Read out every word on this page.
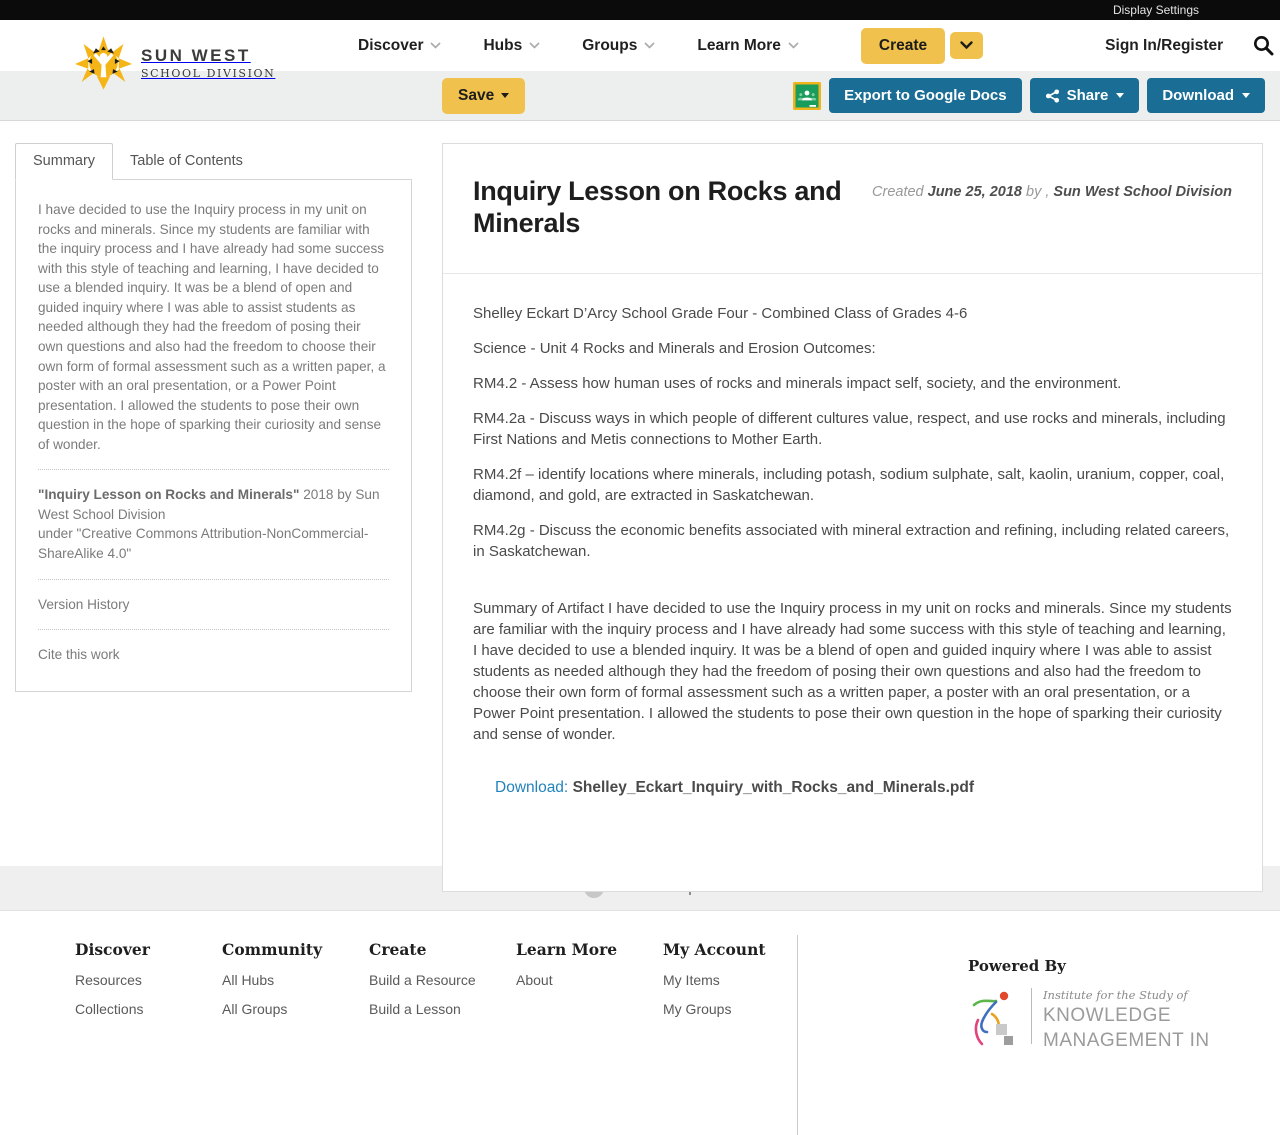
Display Settings
SUN WEST
SCHOOL DIVISION
Discover	Hubs	Groups	Learn More	Create	Sign In/Register
Save	Export to Google Docs	Share	Download
Summary	Table of Contents

I have decided to use the Inquiry process in my unit on rocks and minerals. Since my students are familiar with the inquiry process and I have already had some success with this style of teaching and learning, I have decided to use a blended inquiry. It was be a blend of open and guided inquiry where I was able to assist students as needed although they had the freedom of posing their own questions and also had the freedom to choose their own form of formal assessment such as a written paper, a poster with an oral presentation, or a Power Point presentation. I allowed the students to pose their own question in the hope of sparking their curiosity and sense of wonder.

"Inquiry Lesson on Rocks and Minerals" 2018 by Sun West School Division
under "Creative Commons Attribution-NonCommercial-ShareAlike 4.0"

Version History
Cite this work
Inquiry Lesson on Rocks and Minerals
Created June 25, 2018 by , Sun West School Division

Shelley Eckart D’Arcy School Grade Four - Combined Class of Grades 4-6

Science - Unit 4 Rocks and Minerals and Erosion Outcomes:

RM4.2 - Assess how human uses of rocks and minerals impact self, society, and the environment.

RM4.2a - Discuss ways in which people of different cultures value, respect, and use rocks and minerals, including First Nations and Metis connections to Mother Earth.

RM4.2f – identify locations where minerals, including potash, sodium sulphate, salt, kaolin, uranium, copper, coal, diamond, and gold, are extracted in Saskatchewan.

RM4.2g - Discuss the economic benefits associated with mineral extraction and refining, including related careers, in Saskatchewan.

Summary of Artifact I have decided to use the Inquiry process in my unit on rocks and minerals. Since my students are familiar with the inquiry process and I have already had some success with this style of teaching and learning, I have decided to use a blended inquiry. It was be a blend of open and guided inquiry where I was able to assist students as needed although they had the freedom of posing their own questions and also had the freedom to choose their own form of formal assessment such as a written paper, a poster with an oral presentation, or a Power Point presentation. I allowed the students to pose their own question in the hope of sparking their curiosity and sense of wonder.

Download: Shelley_Eckart_Inquiry_with_Rocks_and_Minerals.pdf
Discover
Resources
Collections
Community
All Hubs
All Groups
Create
Build a Resource
Build a Lesson
Learn More
About
My Account
My Items
My Groups
Powered By
Institute for the Study of
KNOWLEDGE
MANAGEMENT IN
